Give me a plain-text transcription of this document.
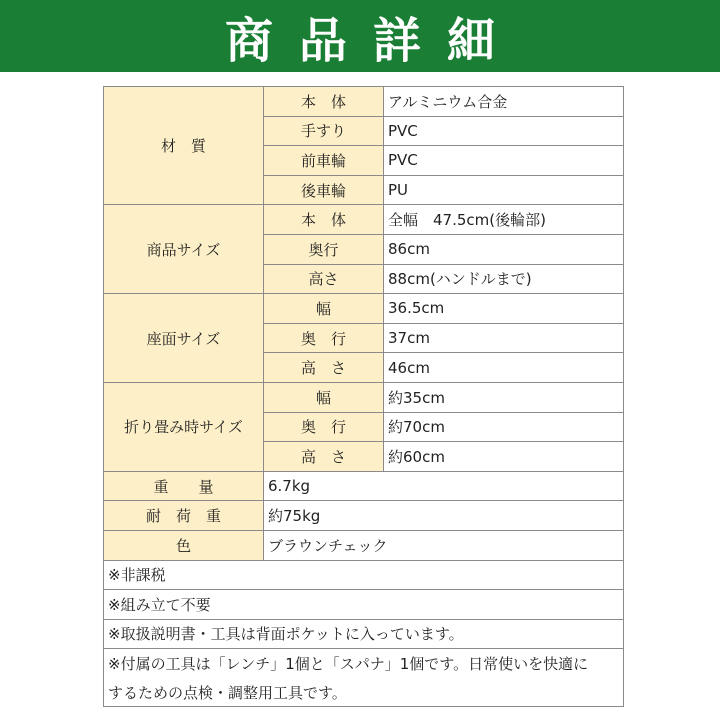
商品詳細
材　質	本　体	アルミニウム合金
	手すり	PVC
	前車輪	PVC
	後車輪	PU
商品サイズ	本　体	全幅　47.5cm(後輪部)
	奥行	86cm
	高さ	88cm(ハンドルまで)
座面サイズ	幅	36.5cm
	奥　行	37cm
	高　さ	46cm
折り畳み時サイズ	幅	約35cm
	奥　行	約70cm
	高　さ	約60cm
重　　量	6.7kg	
耐　荷　重	約75kg	
色	ブラウンチェック	
※非課税		
※組み立て不要		
※取扱説明書・工具は背面ポケットに入っています。		
※付属の工具は「レンチ」1個と「スパナ」1個です。日常使いを快適に		
するための点検・調整用工具です。		
